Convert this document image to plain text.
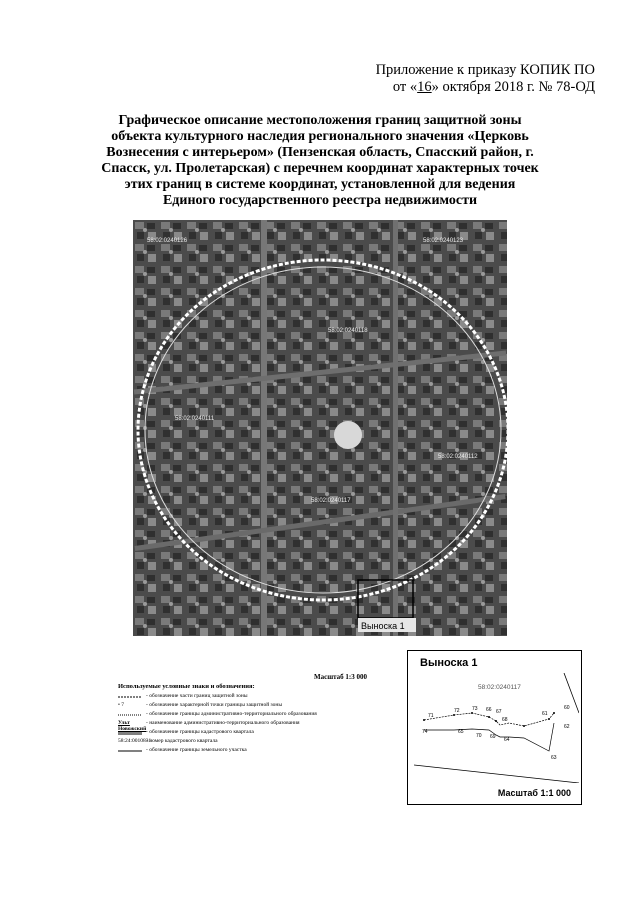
Приложение к приказу КОПИК ПО
от «16» октября 2018 г. № 78-ОД
Графическое описание местоположения границ защитной зоны объекта культурного наследия регионального значения «Церковь Вознесения с интерьером» (Пензенская область, Спасский район, г. Спасск, ул. Пролетарская) с перечнем координат характерных точек этих границ в системе координат, установленной для ведения Единого государственного реестра недвижимости
Выноска 1
58:02:0240126	58:02:0240123
58:02:0240118
58:02:0240111
58:02:0240112
58:02:0240117
Масштаб 1:3 000
Используемые условные знаки и обозначения:
- обозначение части границ защитной зоны
• 7	- обозначение характерной точки границы защитной зоны
- обозначение границы административно-территориального образования
Ульт Новожский
- наименование административно-территориального образования
- обозначение границы кадастрового квартала
58:24:0010831
- номер кадастрового квартала
- обозначение границы земельного участка
Выноска 1
58:02:0240117
71
72 73 66 67
68
69
70
74
61
62
63
64
65
60
Масштаб 1:1 000
